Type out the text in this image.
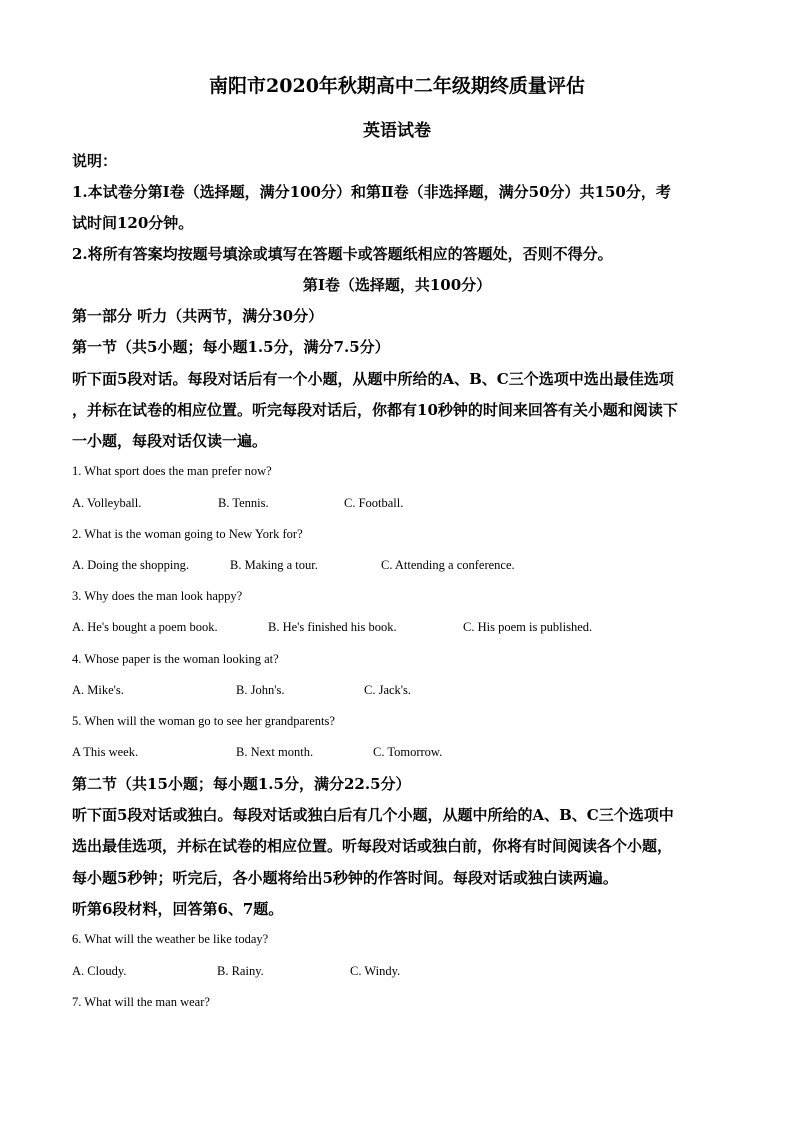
南阳市2020年秋期高中二年级期终质量评估
英语试卷

说明：

1.本试卷分第Ⅰ卷（选择题，满分100分）和第Ⅱ卷（非选择题，满分50分）共150分，考

试时间120分钟。

2.将所有答案均按题号填涂或填写在答题卡或答题纸相应的答题处，否则不得分。

第Ⅰ卷（选择题，共100分）

第一部分 听力（共两节，满分30分）

第一节（共5小题；每小题1.5分，满分7.5分）

听下面5段对话。每段对话后有一个小题，从题中所给的A、B、C三个选项中选出最佳选项

，并标在试卷的相应位置。听完每段对话后，你都有10秒钟的时间来回答有关小题和阅读下

一小题，每段对话仅读一遍。

1. What sport does the man prefer now?

A. Volleyball.	B. Tennis.	C. Football.

2. What is the woman going to New York for?

A. Doing the shopping.	B. Making a tour.	C. Attending a conference.

3. Why does the man look happy?

A. He's bought a poem book.	B. He's finished his book.	C. His poem is published.

4. Whose paper is the woman looking at?

A. Mike's.	B. John's.	C. Jack's.

5. When will the woman go to see her grandparents?

A This week.	B. Next month.	C. Tomorrow.

第二节（共15小题；每小题1.5分，满分22.5分）

听下面5段对话或独白。每段对话或独白后有几个小题，从题中所给的A、B、C三个选项中

选出最佳选项，并标在试卷的相应位置。听每段对话或独白前，你将有时间阅读各个小题，

每小题5秒钟；听完后，各小题将给出5秒钟的作答时间。每段对话或独白读两遍。

听第6段材料，回答第6、7题。

6. What will the weather be like today?

A. Cloudy.	B. Rainy.	C. Windy.

7. What will the man wear?
